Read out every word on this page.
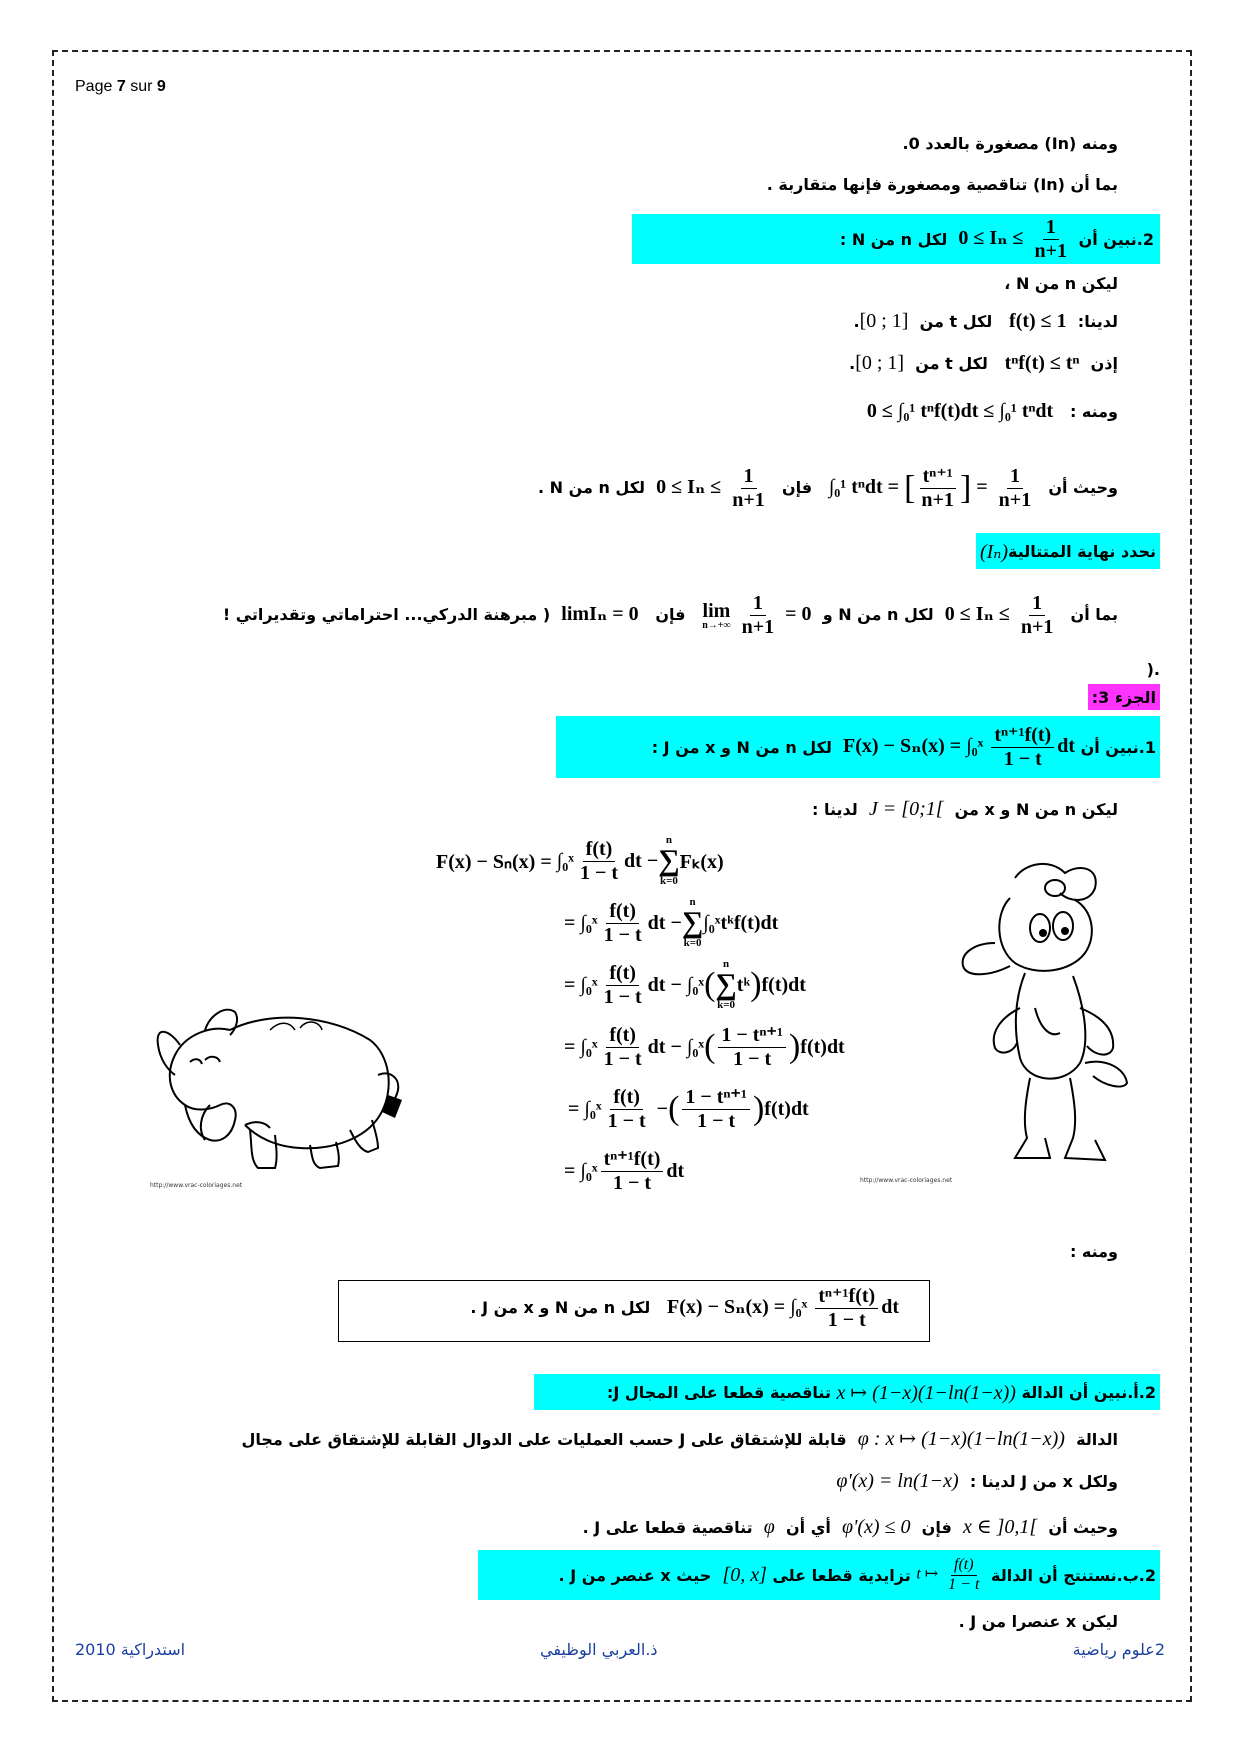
Page 7 sur 9
ومنه (In) مصغورة بالعدد 0.
بما أن (In) تناقصية ومصغورة فإنها متقاربة .
2.نبين أن

$0 \le I_n \le \frac{1}{n+1}$

لكل n من N :
ليكن n من N ،
لدينا:  f(t) ≤ 1   لكل t من  [0 ; 1].
إذن  tⁿf(t) ≤ tⁿ   لكل t من  [0 ; 1].
ومنه :   0 ≤ ∫₀¹ tⁿf(t)dt ≤ ∫₀¹ tⁿdt
وحيث أن  ∫₀¹ tⁿdt = [ $\frac{\text{tⁿ⁺¹}}{n+1}$ ] = $\frac{1}{n+1}$
فإن  $0 \le I_n \le \frac{1}{n+1}$
لكل n من N .
نحدد نهاية المتتالية
(Iₙ)
بما أن  $0 \le I_n \le \frac{1}{n+1}$
لكل n من N و
lim
n→+∞
$\frac{1}{n+1} = 0$   فإن   limIₙ = 0  ( مبرهنة الدركي... احتراماتي وتقديراتي !
.(
الجزء 3:
1.نبين أن

F(x) − Sₙ(x) = ∫₀ˣ $\frac{\text{tⁿ⁺¹f(t)}}{1 - t}$ dt

لكل n من N و x من J :
ليكن n من N و x من  J = [0;1[  لدينا :
F(x) − Sₙ(x) =
∫₀ˣ $\frac{f(t)}{1 - t}$ dt
−
n
∑
k=0
Fₖ(x)
=
∫₀ˣ $\frac{f(t)}{1 - t}$ dt
−
n
∑
k=0
∫₀ˣ tᵏf(t)dt
=
∫₀ˣ $\frac{f(t)}{1 - t}$ dt
−
∫₀ˣ (
n
∑
k=0
tᵏ ) f(t)dt
=
∫₀ˣ $\frac{f(t)}{1 - t}$ dt
−
∫₀ˣ ( $\frac{\text{1 − tⁿ⁺¹}}{1 - t}$ ) f(t)dt
=
∫₀ˣ $\frac{f(t)}{1 - t}$
− ( $\frac{\text{1 − tⁿ⁺¹}}{1 - t}$ ) f(t)dt
=
∫₀ˣ $\frac{\text{tⁿ⁺¹f(t)}}{1 - t}$ dt
http://www.vrac-coloriages.net
http://www.vrac-coloriages.net
ومنه :
F(x) − Sₙ(x) = ∫₀ˣ $\frac{\text{tⁿ⁺¹f(t)}}{1 - t}$ dt   لكل n من N و x من J .
2.أ.نبين أن الدالة

x ↦ (1−x)(1−ln(1−x))

تناقصية قطعا على المجال J:
الدالة  φ : x ↦ (1−x)(1−ln(1−x))  قابلة للإشتقاق على J حسب العمليات على الدوال القابلة للإشتقاق على مجال
ولكل x من J لدينا :  φ'(x) = ln(1−x)
وحيث أن  x ∈ ]0,1[  فإن  φ'(x) ≤ 0  أي أن  φ  تناقصية قطعا على J .
2.ب.نستنتج أن الدالة

t ↦ $\frac{f(t)}{1 - t}$

تزايدية قطعا على

[0, x]

حيث x عنصر من J .
ليكن x عنصرا من J .
استدراكية 2010	ذ.العربي الوظيفي	2علوم رياضية
